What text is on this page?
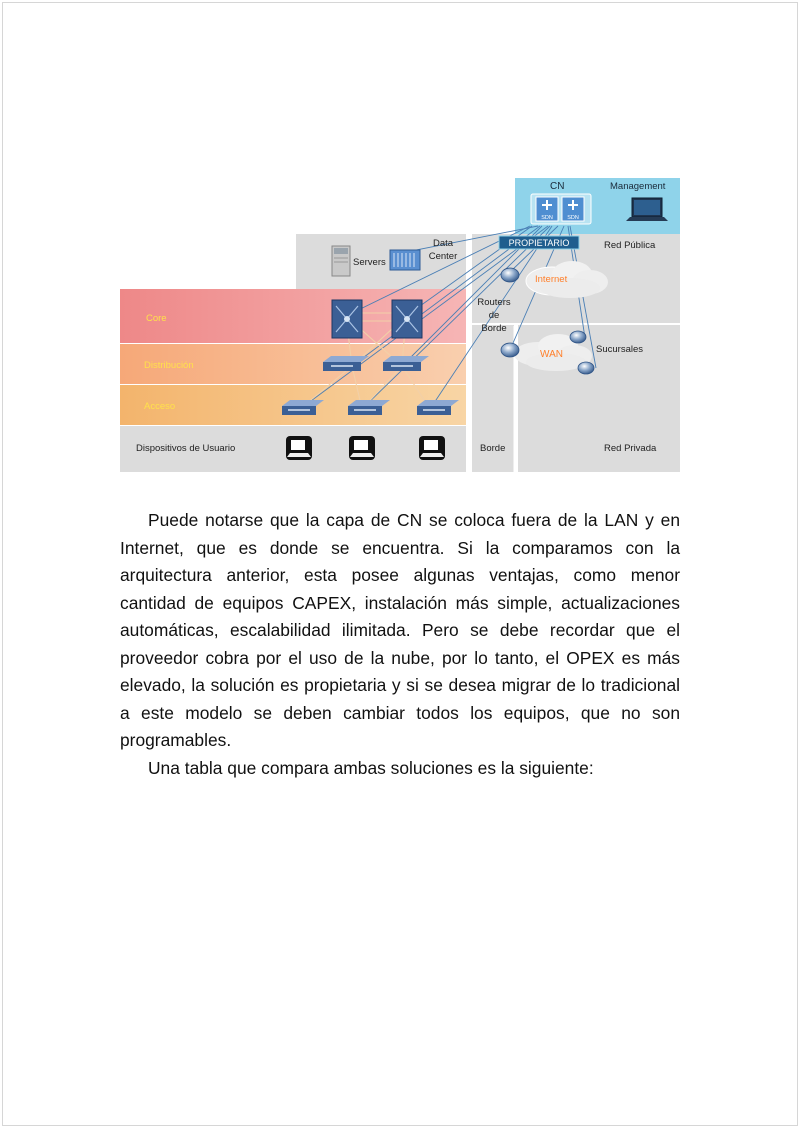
CN	Management
SDN	SDN
PROPIETARIO	Red Pública
Data Center
Servers
Internet
Routers de Borde
Core
Distribución
Acceso
Dispositivos de Usuario	Borde	Red Privada
WAN	Sucursales

Puede notarse que la capa de CN se coloca fuera de la LAN y en Internet, que es donde se encuentra. Si la comparamos con la arquitectura anterior, esta posee algunas ventajas, como menor cantidad de equipos CAPEX, instalación más simple, actualizaciones automáticas, escalabilidad ilimitada. Pero se debe recordar que el proveedor cobra por el uso de la nube, por lo tanto, el OPEX es más elevado, la solución es propietaria y si se desea migrar de lo tradicional a este modelo se deben cambiar todos los equipos, que no son programables.

Una tabla que compara ambas soluciones es la siguiente:
